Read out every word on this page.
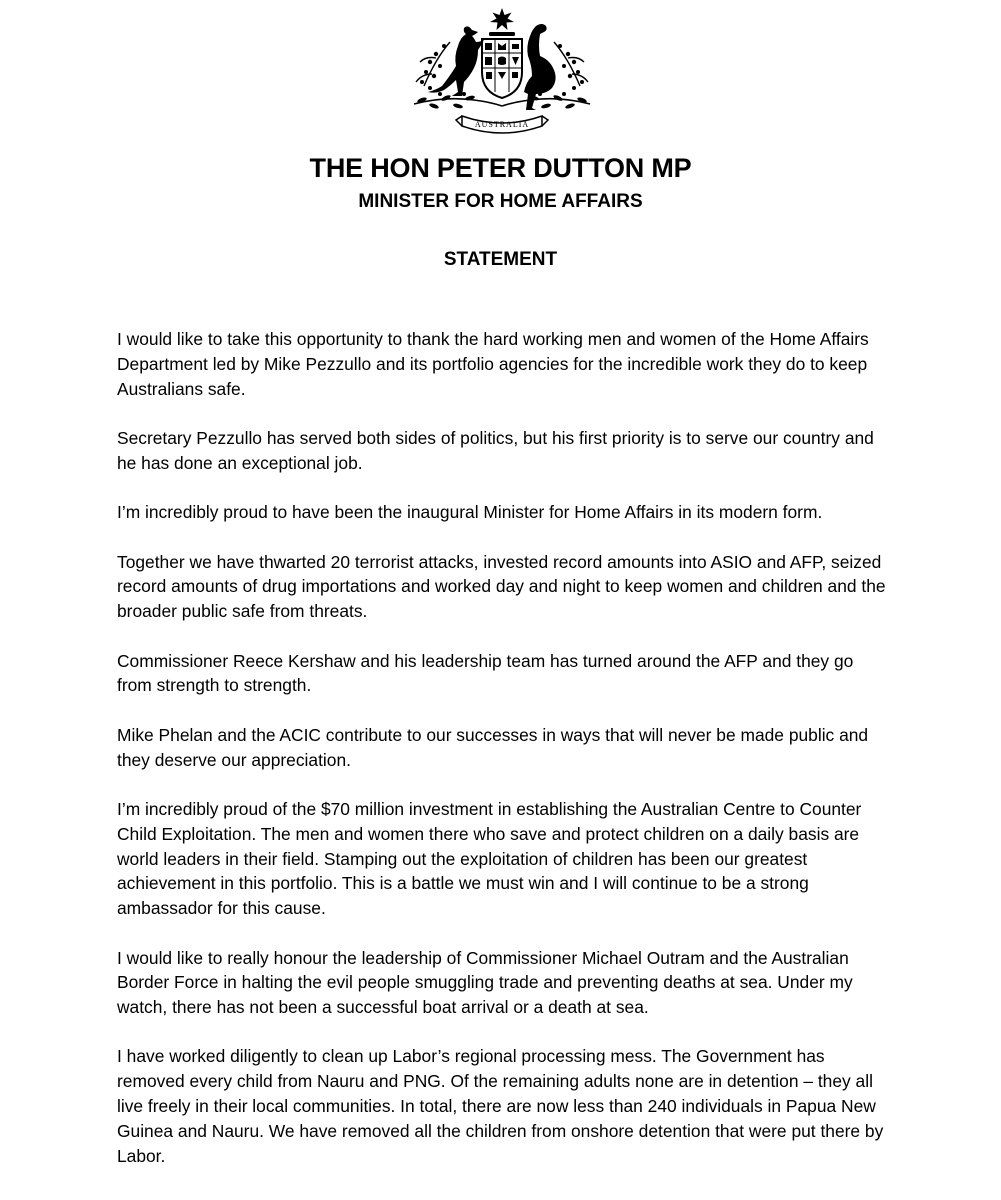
AUSTRALIA
THE HON PETER DUTTON MP
MINISTER FOR HOME AFFAIRS
STATEMENT

I would like to take this opportunity to thank the hard working men and women of the Home Affairs Department led by Mike Pezzullo and its portfolio agencies for the incredible work they do to keep Australians safe.

Secretary Pezzullo has served both sides of politics, but his first priority is to serve our country and he has done an exceptional job.

I’m incredibly proud to have been the inaugural Minister for Home Affairs in its modern form.

Together we have thwarted 20 terrorist attacks, invested record amounts into ASIO and AFP, seized record amounts of drug importations and worked day and night to keep women and children and the broader public safe from threats.

Commissioner Reece Kershaw and his leadership team has turned around the AFP and they go from strength to strength.

Mike Phelan and the ACIC contribute to our successes in ways that will never be made public and they deserve our appreciation.

I’m incredibly proud of the $70 million investment in establishing the Australian Centre to Counter Child Exploitation. The men and women there who save and protect children on a daily basis are world leaders in their field. Stamping out the exploitation of children has been our greatest achievement in this portfolio. This is a battle we must win and I will continue to be a strong ambassador for this cause.

I would like to really honour the leadership of Commissioner Michael Outram and the Australian Border Force in halting the evil people smuggling trade and preventing deaths at sea. Under my watch, there has not been a successful boat arrival or a death at sea.

I have worked diligently to clean up Labor’s regional processing mess. The Government has removed every child from Nauru and PNG. Of the remaining adults none are in detention – they all live freely in their local communities. In total, there are now less than 240 individuals in Papua New Guinea and Nauru. We have removed all the children from onshore detention that were put there by Labor.
